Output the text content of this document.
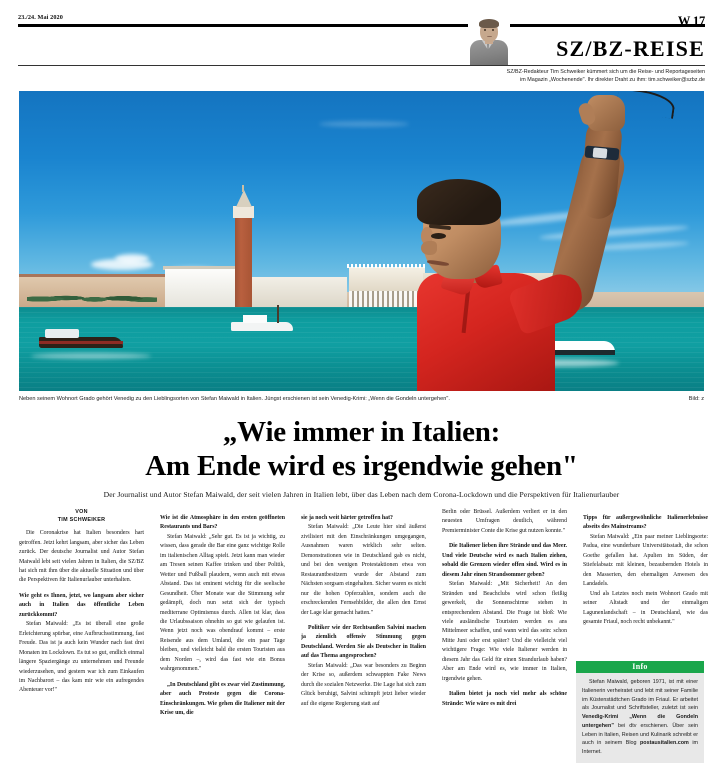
23./24. Mai 2020	W 17
SZ/BZ-REISE
SZ/BZ-Redakteur Tim Schweiker kümmert sich um die Reise- und Reportageseiten
im Magazin „Wochenende". Ihr direkter Draht zu ihm: tim.schweiker@szbz.de
Neben seinem Wohnort Grado gehört Venedig zu den Lieblingsorten von Stefan Maiwald in Italien. Jüngst erschienen ist sein Venedig-Krimi: „Wenn die Gondeln untergehen".	Bild: z
„Wie immer in Italien:
Am Ende wird es irgendwie gehen"
Der Journalist und Autor Stefan Maiwald, der seit vielen Jahren in Italien lebt, über das Leben nach dem Corona-Lockdown und die Perspektiven für Italienurlauber
VON
TIM SCHWEIKER

Die Coronakrise hat Italien besonders hart getroffen. Jetzt kehrt langsam, aber sicher das Leben zurück. Der deutsche Journalist und Autor Stefan Maiwald lebt seit vielen Jahren in Italien, die SZ/BZ hat sich mit ihm über die aktuelle Situation und über die Perspektiven für Italienurlauber unterhalten.

Wie geht es Ihnen, jetzt, wo langsam aber sicher auch in Italien das öffentliche Leben zurückkommt?

Stefan Maiwald: „Es ist überall eine große Erleichterung spürbar, eine Aufbruchsstimmung, fast Freude. Das ist ja auch kein Wunder nach fast drei Monaten im Lockdown. Es tut so gut, endlich einmal längere Spaziergänge zu unternehmen und Freunde wiederzusehen, und gestern war ich zum Einkaufen im Nachbarort – das kam mir wie ein aufregendes Abenteuer vor!"

Wie ist die Atmosphäre in den ersten geöffneten Restaurants und Bars?

Stefan Maiwald: „Sehr gut. Es ist ja wichtig, zu wissen, dass gerade die Bar eine ganz wichtige Rolle im italienischen Alltag spielt. Jetzt kann man wieder am Tresen seinen Kaffee trinken und über Politik, Wetter und Fußball plaudern, wenn auch mit etwas Abstand. Das ist eminent wichtig für die seelische Gesundheit. Über Monate war die Stimmung sehr gedämpft, doch nun setzt sich der typisch mediterrane Optimismus durch. Allen ist klar, dass die Urlaubssaison ohnehin so gut wie gelaufen ist. Wenn jetzt noch was obendrauf kommt – erste Reisende aus dem Umland, die ein paar Tage bleiben, und vielleicht bald die ersten Touristen aus dem Norden –, wird das fast wie ein Bonus wahrgenommen."

„In Deutschland gibt es zwar viel Zustimmung, aber auch Proteste gegen die Corona-Einschränkungen. Wie gehen die Italiener mit der Krise um, die

sie ja noch weit härter getroffen hat?

Stefan Maiwald: „Die Leute hier sind äußerst zivilisiert mit den Einschränkungen umgegangen, Ausnahmen waren wirklich sehr selten. Demonstrationen wie in Deutschland gab es nicht, und bei den wenigen Protestaktionen etwa von Restaurantbesitzern wurde der Abstand zum Nächsten sorgsam eingehalten. Sicher waren es nicht nur die hohen Opferzahlen, sondern auch die erschreckenden Fernsehbilder, die allen den Ernst der Lage klar gemacht hatten."

Politiker wie der Rechtsaußen Salvini machen ja ziemlich offensiv Stimmung gegen Deutschland. Werden Sie als Deutscher in Italien auf das Thema angesprochen?

Stefan Maiwald: „Das war besonders zu Beginn der Krise so, außerdem schwappten Fake News durch die sozialen Netzwerke. Die Lage hat sich zum Glück beruhigt, Salvini schimpft jetzt lieber wieder auf die eigene Regierung statt auf

Berlin oder Brüssel. Außerdem verliert er in den neuesten Umfragen deutlich, während Premierminister Conte die Krise gut nutzen konnte."

Die Italiener lieben ihre Strände und das Meer. Und viele Deutsche wird es nach Italien ziehen, sobald die Grenzen wieder offen sind. Wird es in diesem Jahr einen Strandsommer geben?

Stefan Maiwald: „Mit Sicherheit! An den Stränden und Beachclubs wird schon fleißig gewerkelt, die Sonnenschirme stehen in entsprechendem Abstand. Die Frage ist bloß: Wie viele ausländische Touristen werden es ans Mittelmeer schaffen, und wann wird das sein: schon Mitte Juni oder erst später? Und die vielleicht viel wichtigere Frage: Wie viele Italiener werden in diesem Jahr das Geld für einen Strandurlaub haben? Aber am Ende wird es, wie immer in Italien, irgendwie gehen.

Italien bietet ja noch viel mehr als schöne Strände: Wie wäre es mit drei

Tipps für außergewöhnliche Italienerlebnisse abseits des Mainstreams?

Stefan Maiwald: „Ein paar meiner Lieblingsorte: Padua, eine wunderbare Universitätsstadt, die schon Goethe gefallen hat. Apulien im Süden, der Stiefelabsatz mit kleinen, bezaubernden Hotels in den Masserien, den ehemaligen Anwesen des Landadels.

Und als Letztes noch mein Wohnort Grado mit seiner Altstadt und der einmaligen Lagunenlandschaft – in Deutschland, wie das gesamte Friaul, noch recht unbekannt."

Info

Stefan Maiwald, geboren 1971, ist mit einer Italienerin verheiratet und lebt mit seiner Familie im Küstenstädtchen Grado im Friaul. Er arbeitet als Journalist und Schriftsteller, zuletzt ist sein Venedig-Krimi „Wenn die Gondeln untergehen" bei dtv erschienen. Über sein Leben in Italien, Reisen und Kulinarik schreibt er auch in seinem Blog postausitalien.com im Internet.
